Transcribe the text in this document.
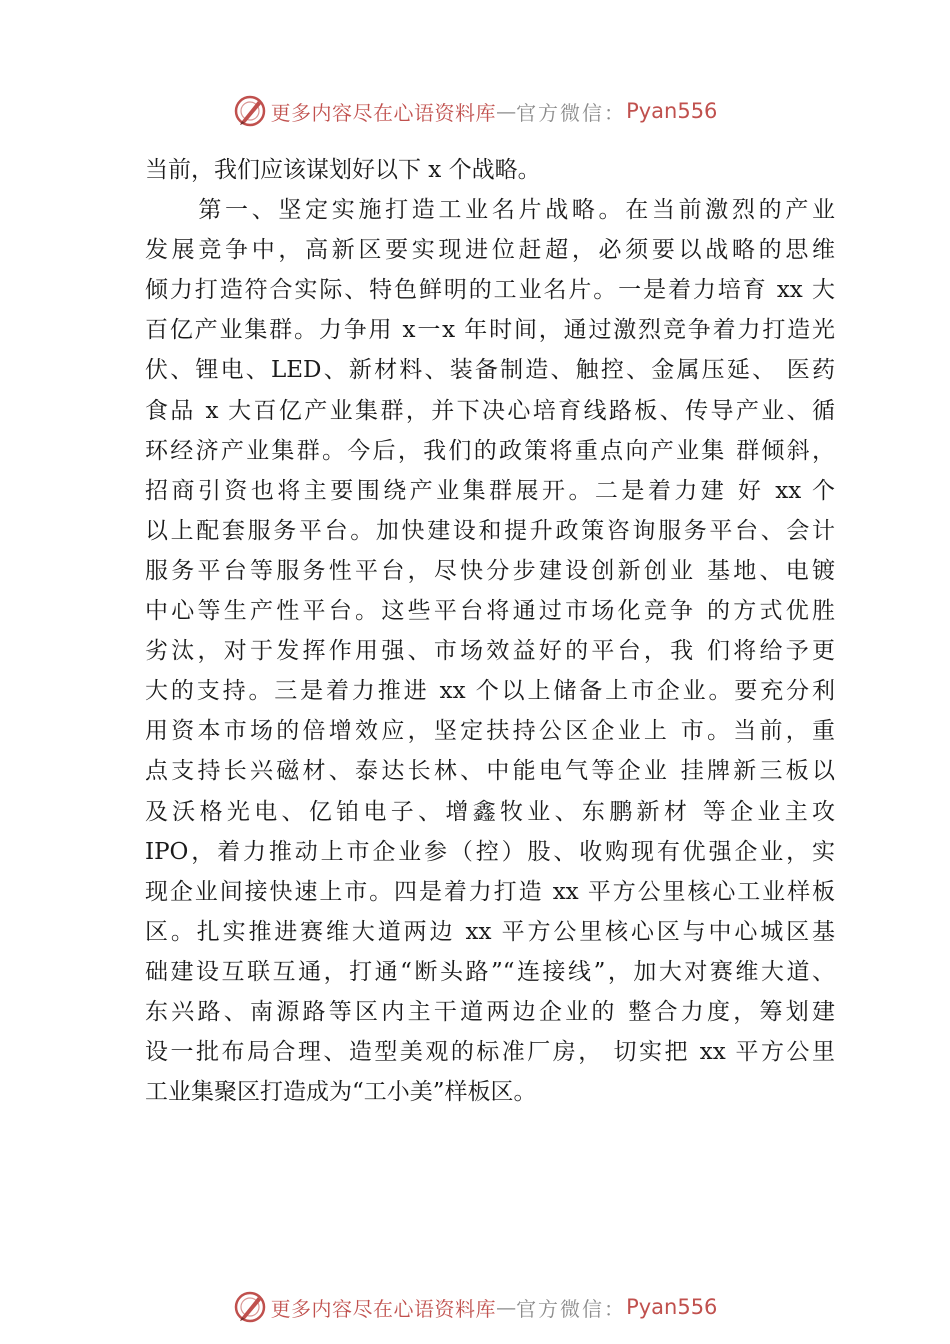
更多内容尽在心语资料库 — 官方微信： Pyan556
当前，我们应该谋划好以下 x 个战略。
　　第一、坚定实施打造工业名片战略。在当前激烈的产业
发展竞争中，高新区要实现进位赶超，必须要以战略的思维
倾力打造符合实际、特色鲜明的工业名片。一是着力培育 xx 大
百亿产业集群。力争用 x一x 年时间，通过激烈竞争着力打造光
伏、锂电、LED、新材料、装备制造、触控、金属压延、 医药
食品 x 大百亿产业集群，并下决心培育线路板、传导产业、循
环经济产业集群。今后，我们的政策将重点向产业集 群倾斜，
招商引资也将主要围绕产业集群展开。二是着力建 好 xx 个
以上配套服务平台。加快建设和提升政策咨询服务平台、会计
服务平台等服务性平台，尽快分步建设创新创业 基地、电镀
中心等生产性平台。这些平台将通过市场化竞争 的方式优胜
劣汰，对于发挥作用强、市场效益好的平台，我 们将给予更
大的支持。三是着力推进 xx 个以上储备上市企业。要充分利
用资本市场的倍增效应，坚定扶持公区企业上 市。当前，重
点支持长兴磁材、泰达长林、中能电气等企业 挂牌新三板以
及沃格光电、亿铂电子、增鑫牧业、东鹏新材 等企业主攻
IPO，着力推动上市企业参（控）股、收购现有优强企业，实
现企业间接快速上市。四是着力打造 xx 平方公里核心工业样板
区。扎实推进赛维大道两边 xx 平方公里核心区与中心城区基
础建设互联互通，打通“断头路”“连接线”，加大对赛维大道、
东兴路、南源路等区内主干道两边企业的 整合力度，筹划建
设一批布局合理、造型美观的标准厂房， 切实把 xx 平方公里
工业集聚区打造成为“工小美”样板区。
更多内容尽在心语资料库 — 官方微信： Pyan556
